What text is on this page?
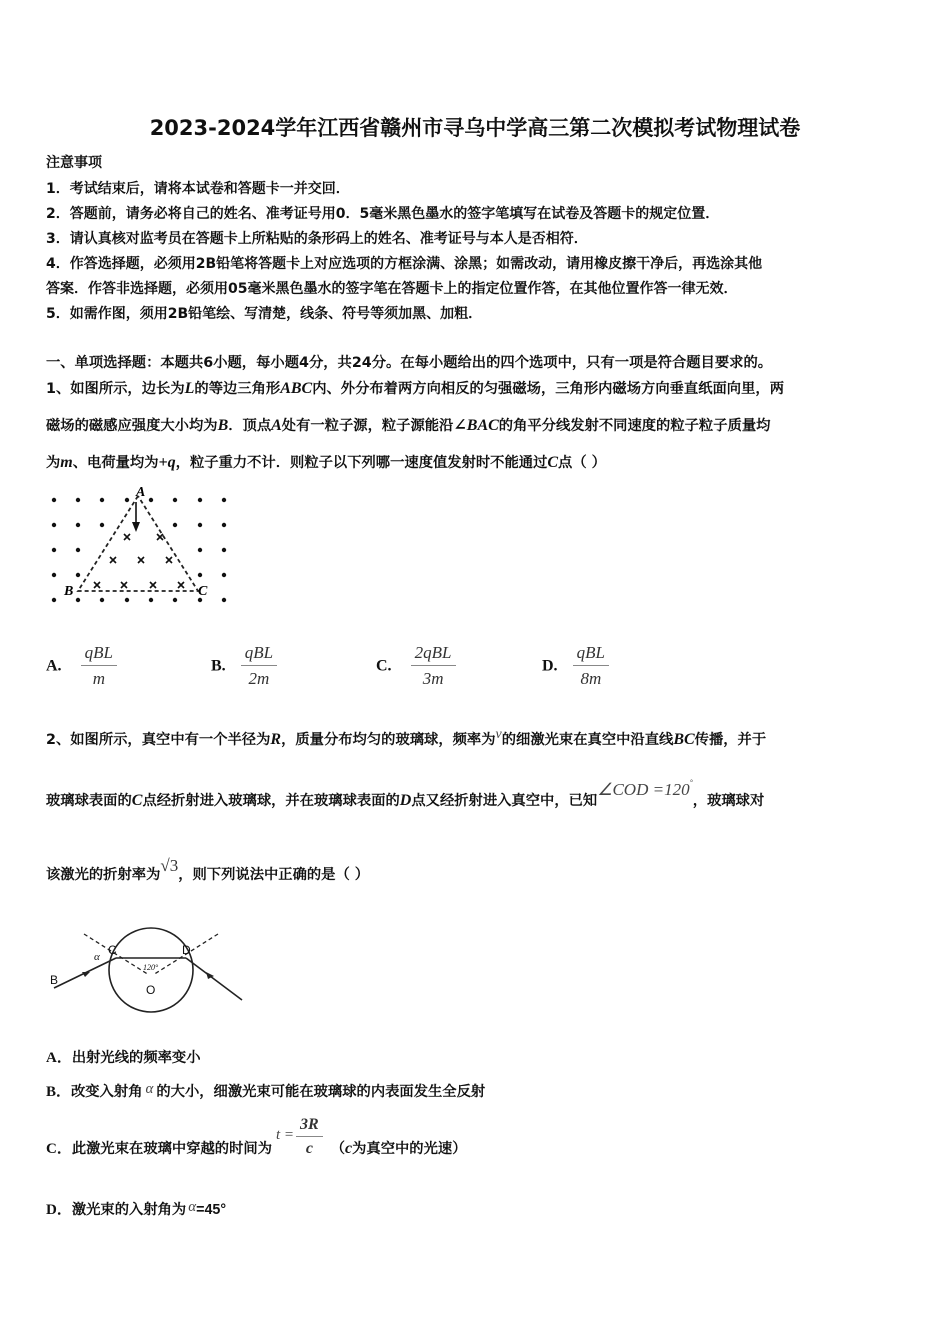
2023-2024学年江西省赣州市寻乌中学高三第二次模拟考试物理试卷
注意事项
1．考试结束后，请将本试卷和答题卡一并交回．
2．答题前，请务必将自己的姓名、准考证号用0．5毫米黑色墨水的签字笔填写在试卷及答题卡的规定位置．
3．请认真核对监考员在答题卡上所粘贴的条形码上的姓名、准考证号与本人是否相符．
4．作答选择题，必须用2B铅笔将答题卡上对应选项的方框涂满、涂黑；如需改动，请用橡皮擦干净后，再选涂其他
答案．作答非选择题，必须用05毫米黑色墨水的签字笔在答题卡上的指定位置作答，在其他位置作答一律无效．
5．如需作图，须用2B铅笔绘、写清楚，线条、符号等须加黑、加粗．
一、单项选择题：本题共6小题，每小题4分，共24分。在每小题给出的四个选项中，只有一项是符合题目要求的。
1、如图所示，边长为L的等边三角形ABC内、外分布着两方向相反的匀强磁场，三角形内磁场方向垂直纸面向里，两
磁场的磁感应强度大小均为B．顶点A处有一粒子源，粒子源能沿∠BAC的角平分线发射不同速度的粒子粒子质量均
为m、电荷量均为+q，粒子重力不计．则粒子以下列哪一速度值发射时不能通过C点（ ）
A
B	C
A. $\frac{\text{qBL}}{m}$	B. $\frac{\text{qBL}}{2m}$	C. $\frac{\text{2qBL}}{3m}$	D. $\frac{\text{qBL}}{8m}$
2、如图所示，真空中有一个半径为R，质量分布均匀的玻璃球，频率为ν的细激光束在真空中沿直线BC传播，并于
玻璃球表面的C点经折射进入玻璃球，并在玻璃球表面的D点又经折射进入真空中，已知∠COD =120°，玻璃球对
该激光的折射率为√3，则下列说法中正确的是（ ）
C	D
B
O
α
120°
A．出射光线的频率变小
B．改变入射角 α 的大小，细激光束可能在玻璃球的内表面发生全反射
C．此激光束在玻璃中穿越的时间为$t = \frac{3R}{c} (c$为真空中的光速）
D．激光束的入射角为 α=45°
